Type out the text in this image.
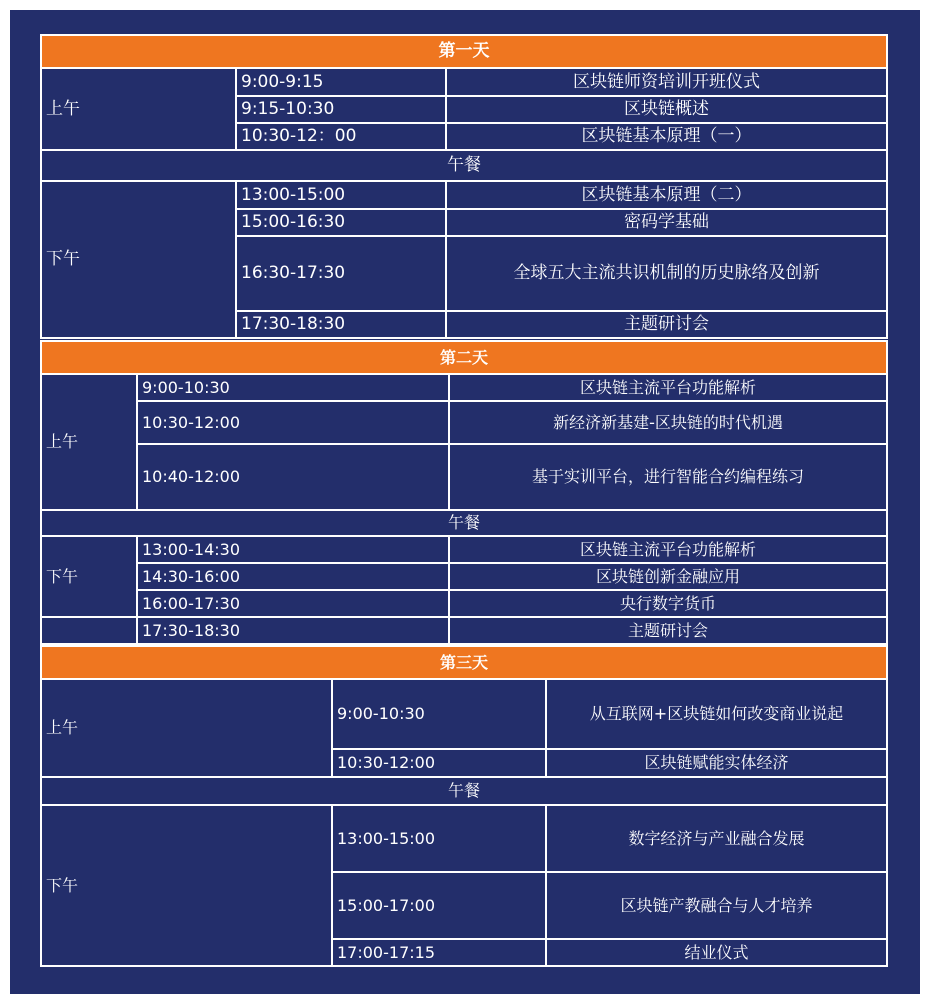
第一天		
上午	9:00-9:15	区块链师资培训开班仪式
	9:15-10:30	区块链概述
	10:30-12：00	区块链基本原理（一）
午餐		
下午	13:00-15:00	区块链基本原理（二）
	15:00-16:30	密码学基础
	16:30-17:30	全球五大主流共识机制的历史脉络及创新
	17:30-18:30	主题研讨会
第二天		
上午	9:00-10:30	区块链主流平台功能解析
	10:30-12:00	新经济新基建-区块链的时代机遇
	10:40-12:00	基于实训平台，进行智能合约编程练习
午餐		
下午	13:00-14:30	区块链主流平台功能解析
	14:30-16:00	区块链创新金融应用
	16:00-17:30	央行数字货币
	17:30-18:30	主题研讨会
第三天		
上午	9:00-10:30	从互联网+区块链如何改变商业说起
	10:30-12:00	区块链赋能实体经济
午餐		
下午	13:00-15:00	数字经济与产业融合发展
	15:00-17:00	区块链产教融合与人才培养
	17:00-17:15	结业仪式
